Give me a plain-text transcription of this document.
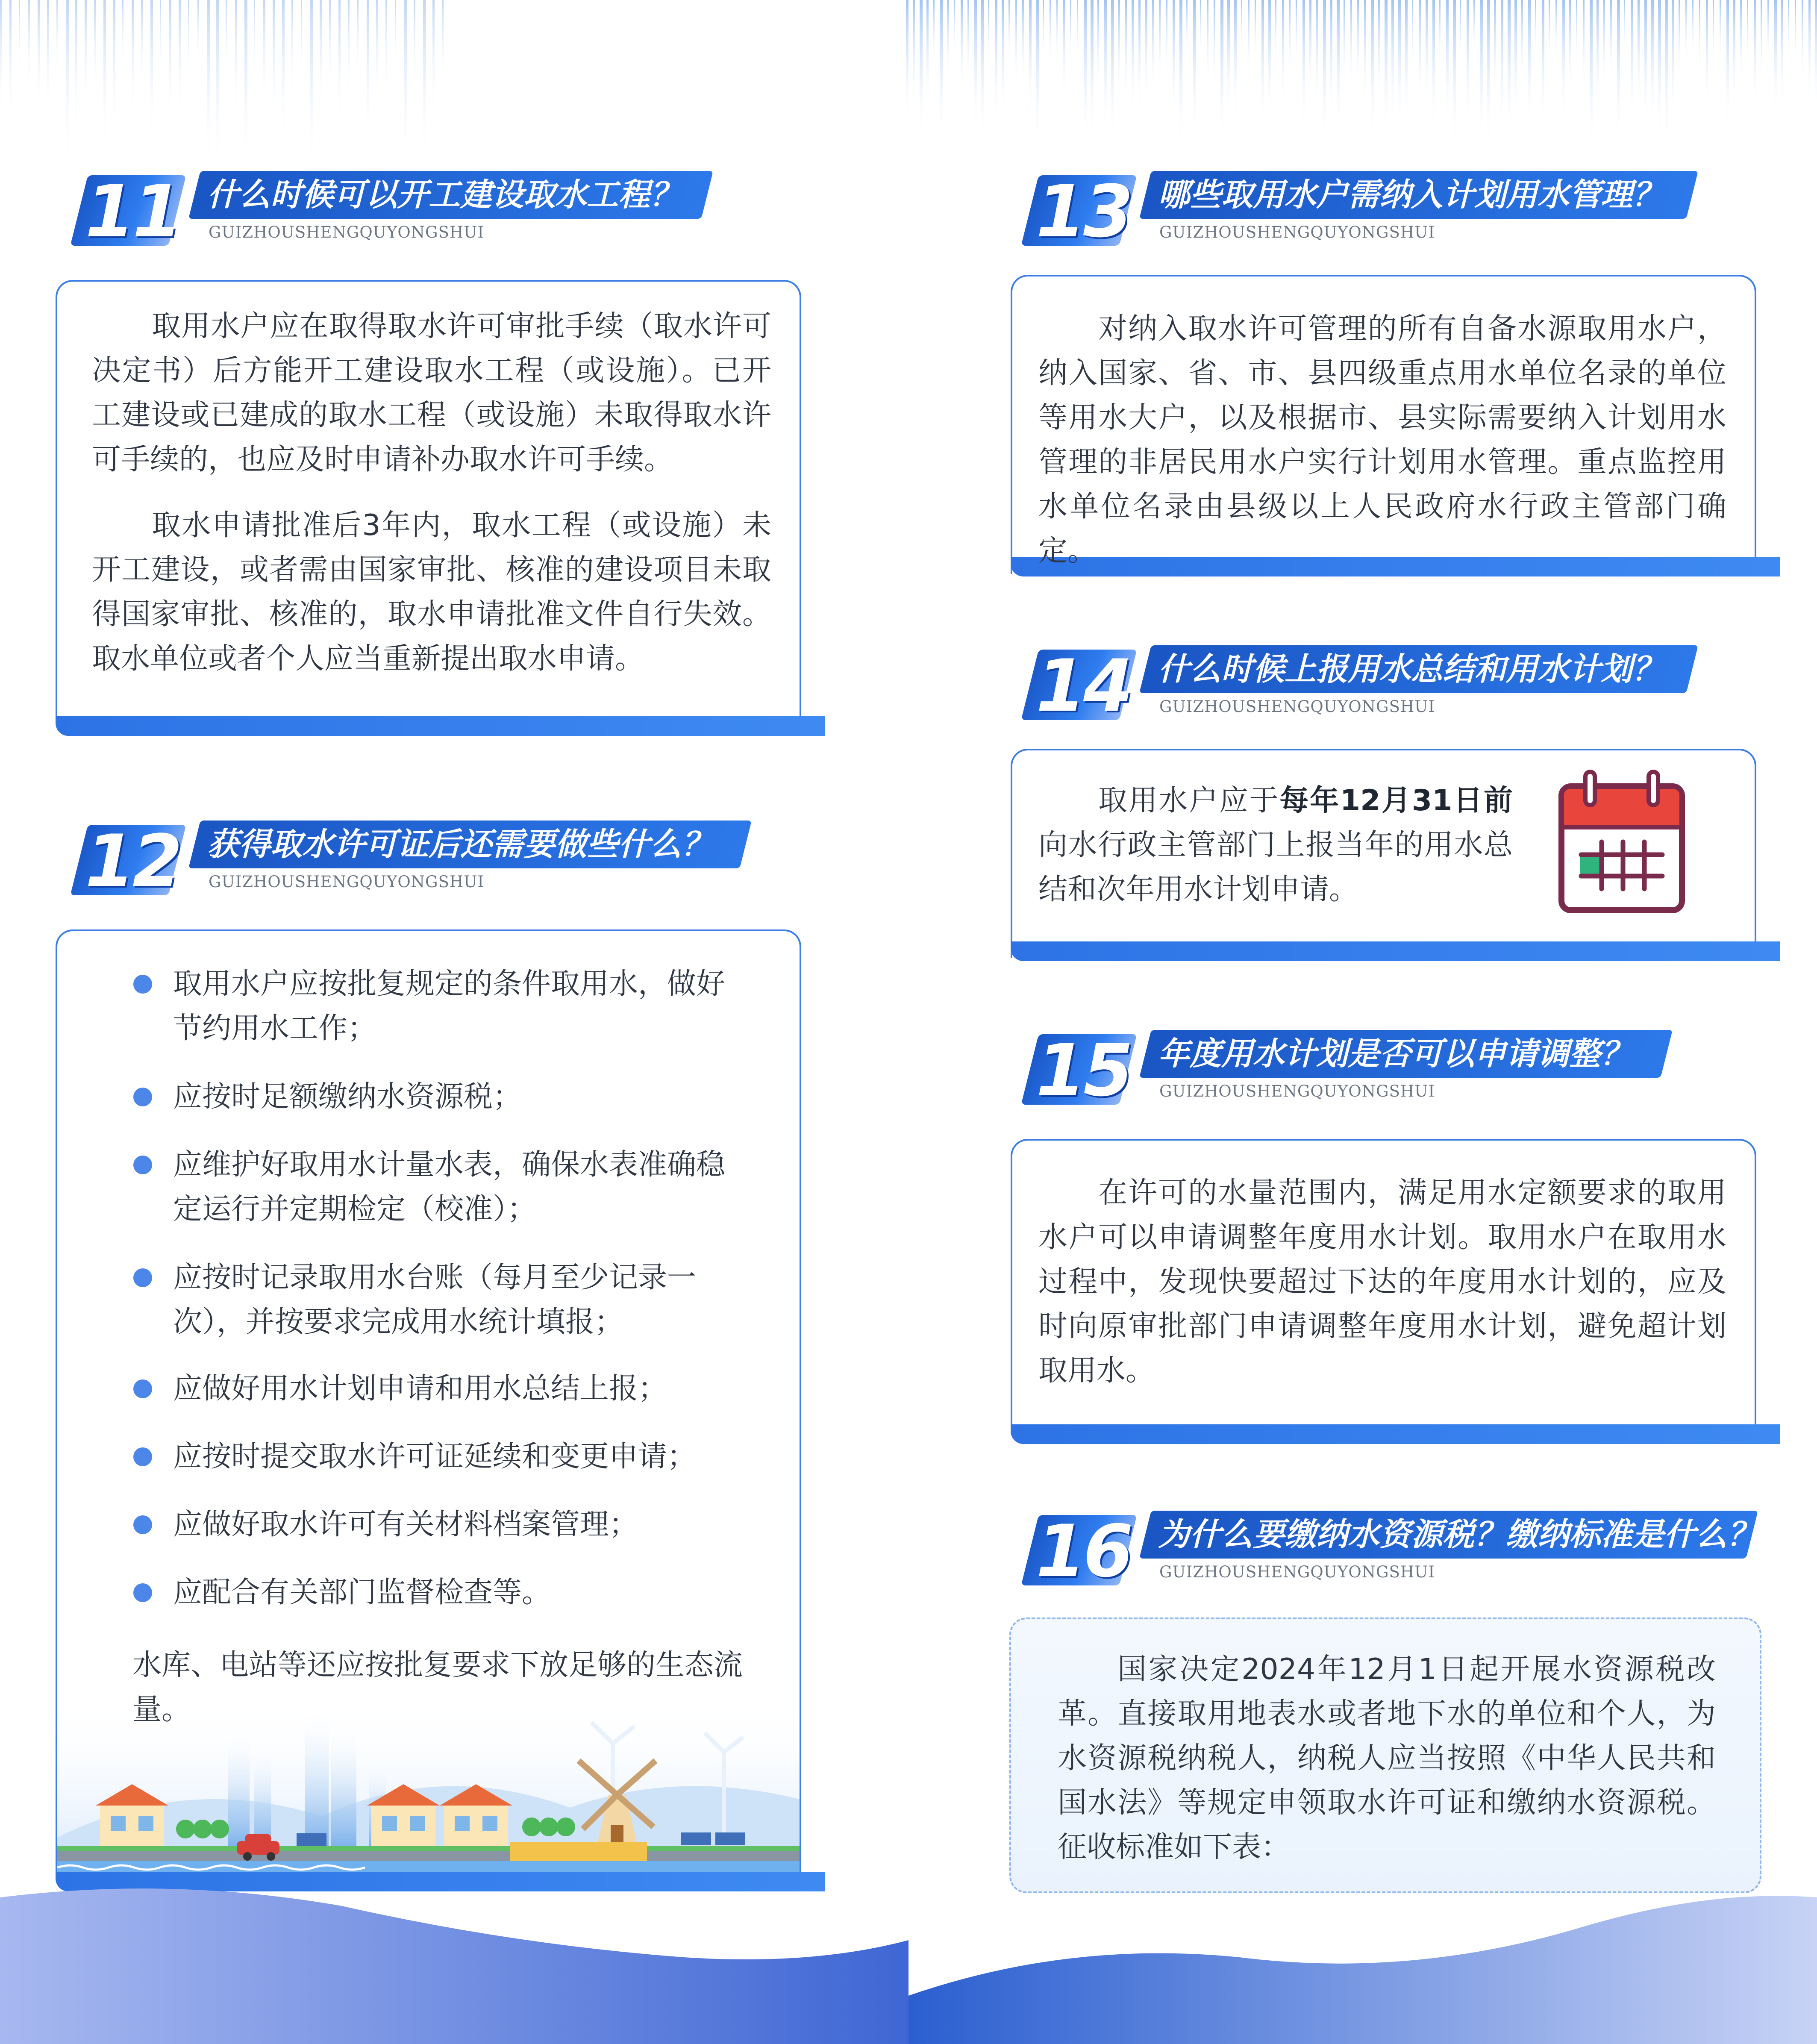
11 什么时候可以开工建设取水工程？
GUIZHOUSHENGQUYONGSHUI

取用水户应在取得取水许可审批手续（取水许可决定书）后方能开工建设取水工程（或设施）。已开工建设或已建成的取水工程（或设施）未取得取水许可手续的，也应及时申请补办取水许可手续。

取水申请批准后3年内，取水工程（或设施）未开工建设，或者需由国家审批、核准的建设项目未取得国家审批、核准的，取水申请批准文件自行失效。取水单位或者个人应当重新提出取水申请。

12 获得取水许可证后还需要做些什么？
GUIZHOUSHENGQUYONGSHUI
取用水户应按批复规定的条件取用水，做好节约用水工作；
应按时足额缴纳水资源税；
应维护好取用水计量水表，确保水表准确稳定运行并定期检定（校准）；
应按时记录取用水台账（每月至少记录一次），并按要求完成用水统计填报；
应做好用水计划申请和用水总结上报；
应按时提交取水许可证延续和变更申请；
应做好取水许可有关材料档案管理；
应配合有关部门监督检查等。
水库、电站等还应按批复要求下放足够的生态流量。
13 哪些取用水户需纳入计划用水管理？
GUIZHOUSHENGQUYONGSHUI

对纳入取水许可管理的所有自备水源取用水户，纳入国家、省、市、县四级重点用水单位名录的单位等用水大户，以及根据市、县实际需要纳入计划用水管理的非居民用水户实行计划用水管理。重点监控用水单位名录由县级以上人民政府水行政主管部门确定。

14 什么时候上报用水总结和用水计划？
GUIZHOUSHENGQUYONGSHUI

取用水户应于每年12月31日前向水行政主管部门上报当年的用水总结和次年用水计划申请。

15 年度用水计划是否可以申请调整？
GUIZHOUSHENGQUYONGSHUI

在许可的水量范围内，满足用水定额要求的取用水户可以申请调整年度用水计划。取用水户在取用水过程中，发现快要超过下达的年度用水计划的，应及时向原审批部门申请调整年度用水计划，避免超计划取用水。

16 为什么要缴纳水资源税？缴纳标准是什么？
GUIZHOUSHENGQUYONGSHUI

国家决定2024年12月1日起开展水资源税改革。直接取用地表水或者地下水的单位和个人，为水资源税纳税人，纳税人应当按照《中华人民共和国水法》等规定申领取水许可证和缴纳水资源税。征收标准如下表：
